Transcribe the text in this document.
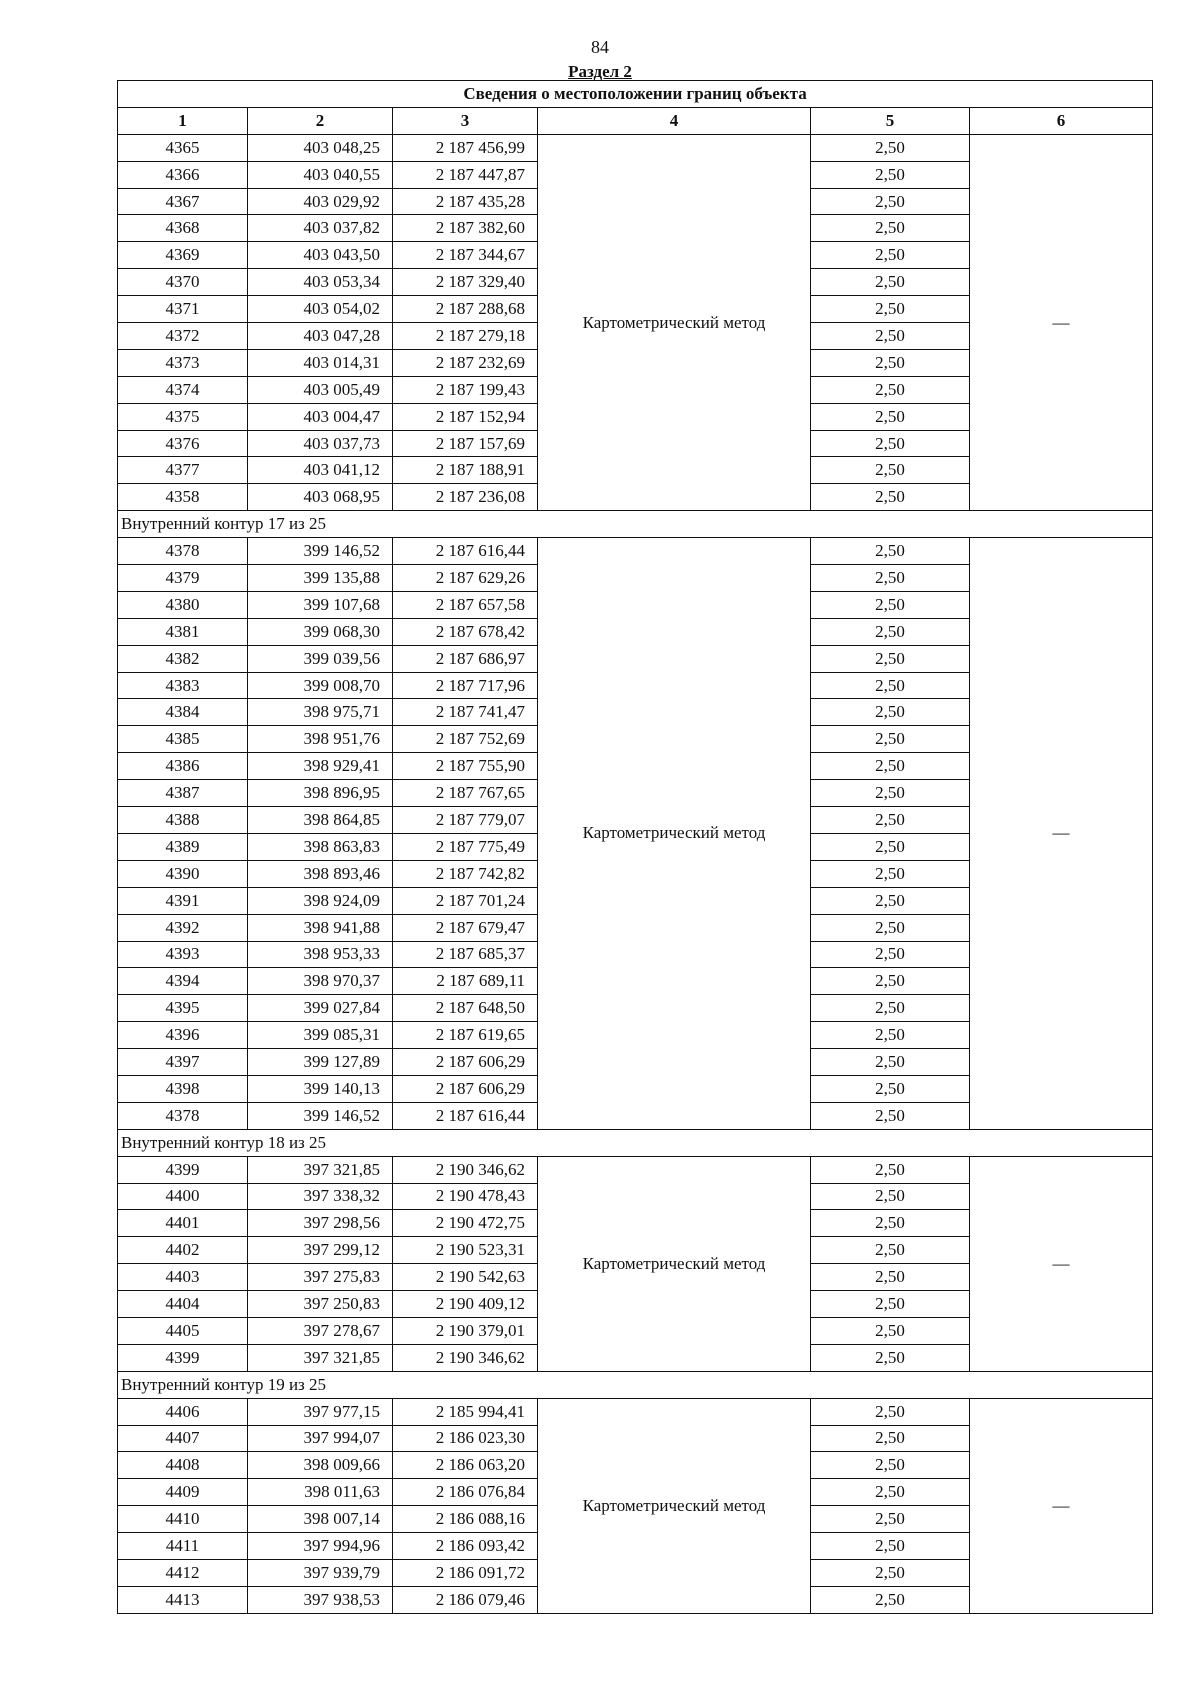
84
Раздел 2
Сведения о местоположении границ объекта					
1	2	3	4	5	6
4365	403 048,25	2 187 456,99	Картометрический метод	2,50	—
4366	403 040,55	2 187 447,87		2,50	
4367	403 029,92	2 187 435,28		2,50	
4368	403 037,82	2 187 382,60		2,50	
4369	403 043,50	2 187 344,67		2,50	
4370	403 053,34	2 187 329,40		2,50	
4371	403 054,02	2 187 288,68		2,50	
4372	403 047,28	2 187 279,18		2,50	
4373	403 014,31	2 187 232,69		2,50	
4374	403 005,49	2 187 199,43		2,50	
4375	403 004,47	2 187 152,94		2,50	
4376	403 037,73	2 187 157,69		2,50	
4377	403 041,12	2 187 188,91		2,50	
4358	403 068,95	2 187 236,08		2,50	
Внутренний контур 17 из 25					
4378	399 146,52	2 187 616,44	Картометрический метод	2,50	—
4379	399 135,88	2 187 629,26		2,50	
4380	399 107,68	2 187 657,58		2,50	
4381	399 068,30	2 187 678,42		2,50	
4382	399 039,56	2 187 686,97		2,50	
4383	399 008,70	2 187 717,96		2,50	
4384	398 975,71	2 187 741,47		2,50	
4385	398 951,76	2 187 752,69		2,50	
4386	398 929,41	2 187 755,90		2,50	
4387	398 896,95	2 187 767,65		2,50	
4388	398 864,85	2 187 779,07		2,50	
4389	398 863,83	2 187 775,49		2,50	
4390	398 893,46	2 187 742,82		2,50	
4391	398 924,09	2 187 701,24		2,50	
4392	398 941,88	2 187 679,47		2,50	
4393	398 953,33	2 187 685,37		2,50	
4394	398 970,37	2 187 689,11		2,50	
4395	399 027,84	2 187 648,50		2,50	
4396	399 085,31	2 187 619,65		2,50	
4397	399 127,89	2 187 606,29		2,50	
4398	399 140,13	2 187 606,29		2,50	
4378	399 146,52	2 187 616,44		2,50	
Внутренний контур 18 из 25					
4399	397 321,85	2 190 346,62	Картометрический метод	2,50	—
4400	397 338,32	2 190 478,43		2,50	
4401	397 298,56	2 190 472,75		2,50	
4402	397 299,12	2 190 523,31		2,50	
4403	397 275,83	2 190 542,63		2,50	
4404	397 250,83	2 190 409,12		2,50	
4405	397 278,67	2 190 379,01		2,50	
4399	397 321,85	2 190 346,62		2,50	
Внутренний контур 19 из 25					
4406	397 977,15	2 185 994,41	Картометрический метод	2,50	—
4407	397 994,07	2 186 023,30		2,50	
4408	398 009,66	2 186 063,20		2,50	
4409	398 011,63	2 186 076,84		2,50	
4410	398 007,14	2 186 088,16		2,50	
4411	397 994,96	2 186 093,42		2,50	
4412	397 939,79	2 186 091,72		2,50	
4413	397 938,53	2 186 079,46		2,50	
